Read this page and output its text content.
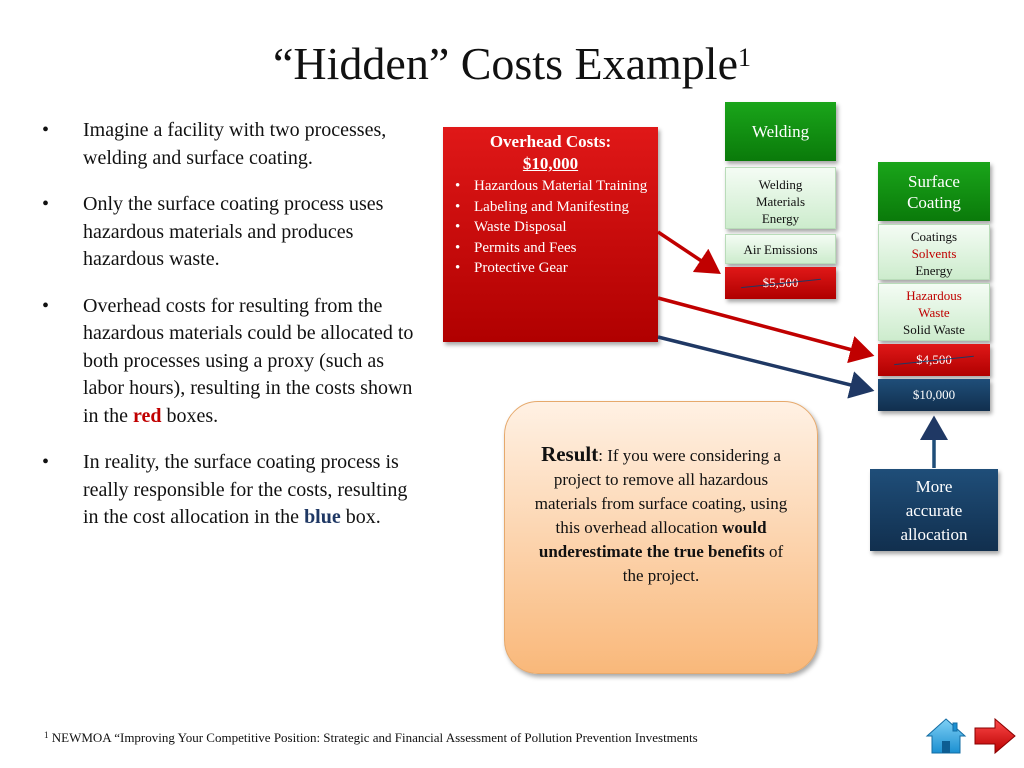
“Hidden” Costs Example$^1$
•	Imagine a facility with two processes, welding and surface coating.
•	Only the surface coating process uses hazardous materials and produces hazardous waste.
•	Overhead costs for resulting from the hazardous materials could be allocated to both processes using a proxy (such as labor hours), resulting in the costs shown in the red boxes.
•	In reality, the surface coating process is really responsible for the costs, resulting in the cost allocation in the blue box.
Overhead Costs:
$10,000
• Hazardous Material Training
• Labeling and Manifesting
• Waste Disposal
• Permits and Fees
• Protective Gear
Welding
Welding
Materials
Energy
Air Emissions
$5,500
Surface
Coating
Coatings
Solvents
Energy
Hazardous
Waste
Solid Waste
$4,500
$10,000
Result: If you were considering a project to remove all hazardous materials from surface coating, using this overhead allocation would underestimate the true benefits of the project.
More
accurate
allocation
$^1$ NEWMOA “Improving Your Competitive Position: Strategic and Financial Assessment of Pollution Prevention Investments
